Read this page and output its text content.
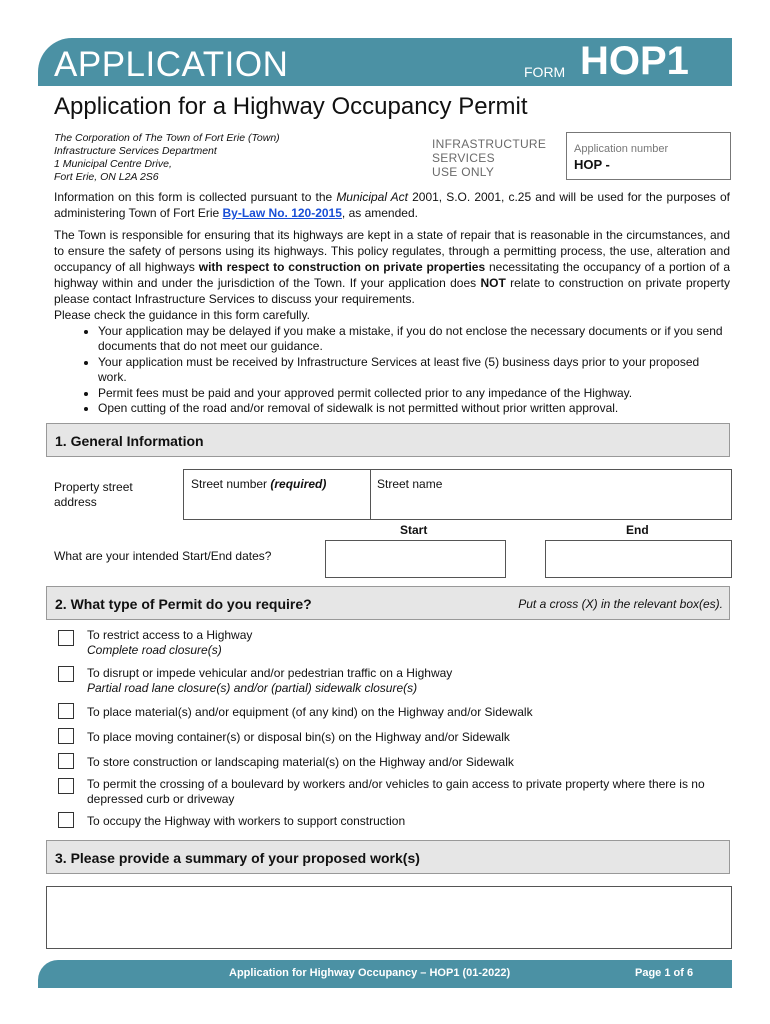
APPLICATION	FORM HOP1
Application for a Highway Occupancy Permit
The Corporation of The Town of Fort Erie (Town)
Infrastructure Services Department
1 Municipal Centre Drive,
Fort Erie, ON L2A 2S6
INFRASTRUCTURE
SERVICES
USE ONLY
Application number
HOP -
Information on this form is collected pursuant to the Municipal Act 2001, S.O. 2001, c.25 and will be used for the purposes of administering Town of Fort Erie By-Law No. 120-2015, as amended.
The Town is responsible for ensuring that its highways are kept in a state of repair that is reasonable in the circumstances, and to ensure the safety of persons using its highways. This policy regulates, through a permitting process, the use, alteration and occupancy of all highways with respect to construction on private properties necessitating the occupancy of a portion of a highway within and under the jurisdiction of the Town. If your application does NOT relate to construction on private property please contact Infrastructure Services to discuss your requirements.
Please check the guidance in this form carefully.
• Your application may be delayed if you make a mistake, if you do not enclose the necessary documents or if you send documents that do not meet our guidance.
• Your application must be received by Infrastructure Services at least five (5) business days prior to your proposed work.
• Permit fees must be paid and your approved permit collected prior to any impedance of the Highway.
• Open cutting of the road and/or removal of sidewalk is not permitted without prior written approval.
1. General Information
Property street address
Street number (required)	Street name
Start	End
What are your intended Start/End dates?
2. What type of Permit do you require?	Put a cross (X) in the relevant box(es).
To restrict access to a Highway
Complete road closure(s)
To disrupt or impede vehicular and/or pedestrian traffic on a Highway
Partial road lane closure(s) and/or (partial) sidewalk closure(s)
To place material(s) and/or equipment (of any kind) on the Highway and/or Sidewalk
To place moving container(s) or disposal bin(s) on the Highway and/or Sidewalk
To store construction or landscaping material(s) on the Highway and/or Sidewalk
To permit the crossing of a boulevard by workers and/or vehicles to gain access to private property where there is no depressed curb or driveway
To occupy the Highway with workers to support construction
3. Please provide a summary of your proposed work(s)
Application for Highway Occupancy – HOP1 (01-2022)	Page 1 of 6
